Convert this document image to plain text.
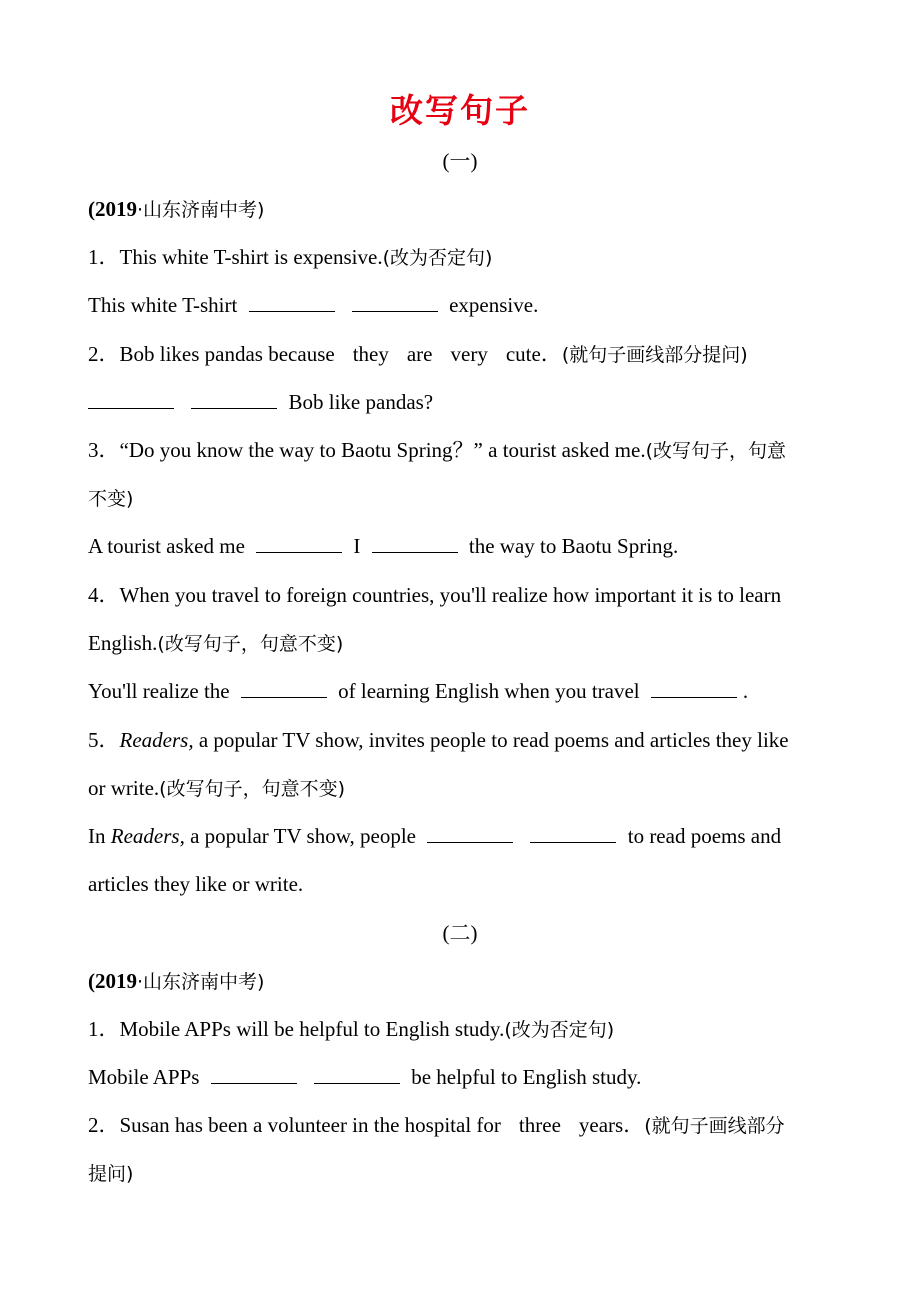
改写句子
(一)
(2019·山东济南中考)
1．This white T-shirt is expensive.(改为否定句)
This white T-shirt	expensive.
2．Bob likes pandas because they are very cute．(就句子画线部分提问)
Bob like pandas?
3．“Do you know the way to Baotu Spring？” a tourist asked me.(改写句子，句意
不变)
A tourist asked me	I	the way to Baotu Spring.
4．When you travel to foreign countries, you'll realize how important it is to learn
English.(改写句子，句意不变)
You'll realize the	of learning English when you travel	.
5．Readers, a popular TV show, invites people to read poems and articles they like
or write.(改写句子，句意不变)
In Readers, a popular TV show, people	to read poems and
articles they like or write.
(二)
(2019·山东济南中考)
1．Mobile APPs will be helpful to English study.(改为否定句)
Mobile APPs	be helpful to English study.
2．Susan has been a volunteer in the hospital for three years．(就句子画线部分
提问)
